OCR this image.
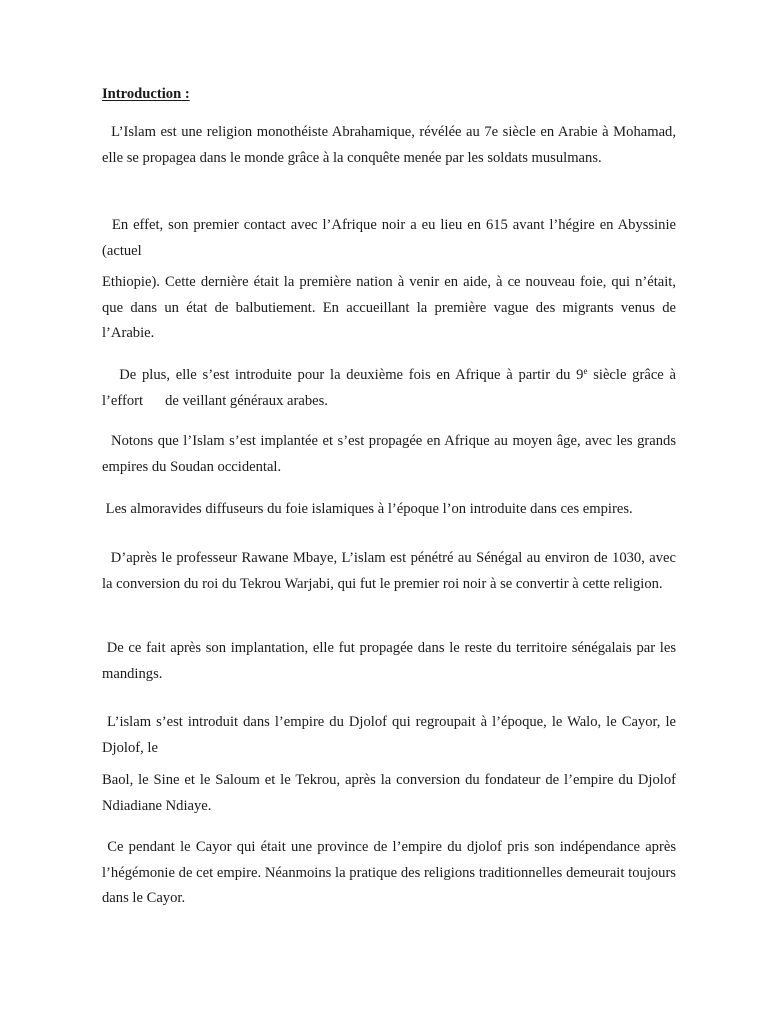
Introduction :

L’Islam est une religion monothéiste Abrahamique, révélée au 7e siècle en Arabie à Mohamad, elle se propagea dans le monde grâce à la conquête menée par les soldats musulmans.

En effet, son premier contact avec l’Afrique noir a eu lieu en 615 avant l’hégire en Abyssinie (actuel

Ethiopie). Cette dernière était la première nation à venir en aide, à ce nouveau foie, qui n’était, que dans un état de balbutiement. En accueillant la première vague des migrants venus de l’Arabie.

De plus, elle s’est introduite pour la deuxième fois en Afrique à partir du 9e siècle grâce à l’effort de veillant généraux arabes.

Notons que l’Islam s’est implantée et s’est propagée en Afrique au moyen âge, avec les grands empires du Soudan occidental.

Les almoravides diffuseurs du foie islamiques à l’époque l’on introduite dans ces empires.

D’après le professeur Rawane Mbaye, L’islam est pénétré au Sénégal au environ de 1030, avec la conversion du roi du Tekrou Warjabi, qui fut le premier roi noir à se convertir à cette religion.

De ce fait après son implantation, elle fut propagée dans le reste du territoire sénégalais par les mandings.

L’islam s’est introduit dans l’empire du Djolof qui regroupait à l’époque, le Walo, le Cayor, le Djolof, le

Baol, le Sine et le Saloum et le Tekrou, après la conversion du fondateur de l’empire du Djolof Ndiadiane Ndiaye.

Ce pendant le Cayor qui était une province de l’empire du djolof pris son indépendance après l’hégémonie de cet empire. Néanmoins la pratique des religions traditionnelles demeurait toujours dans le Cayor.
